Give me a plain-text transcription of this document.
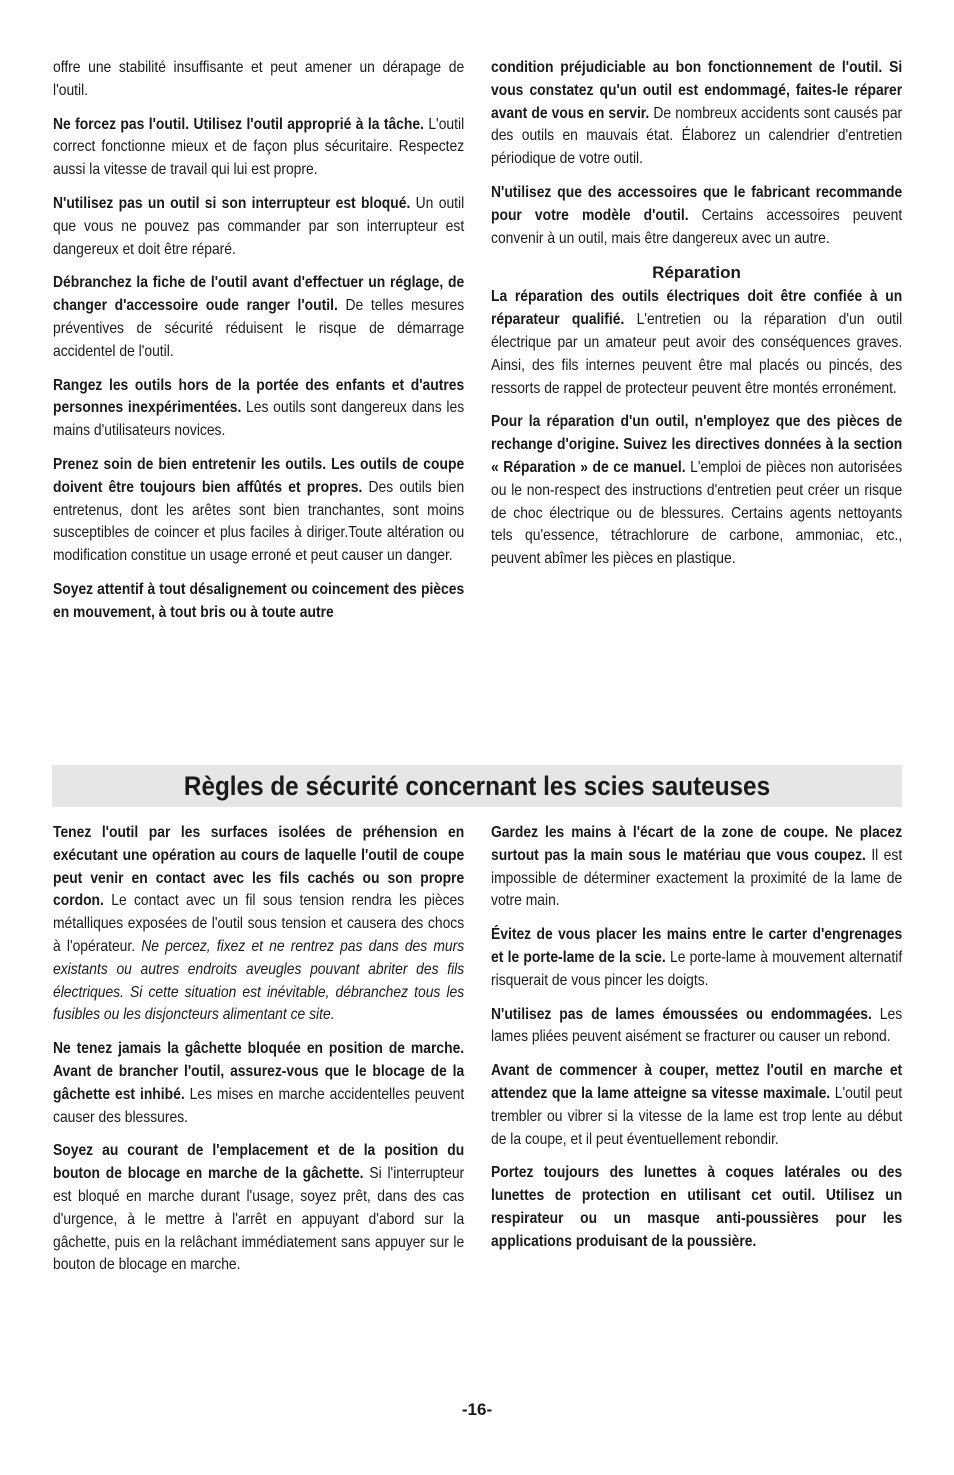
offre une stabilité insuffisante et peut amener un dérapage de l'outil.

Ne forcez pas l'outil. Utilisez l'outil approprié à la tâche. L'outil correct fonctionne mieux et de façon plus sécuritaire. Respectez aussi la vitesse de travail qui lui est propre.

N'utilisez pas un outil si son interrupteur est bloqué. Un outil que vous ne pouvez pas commander par son interrupteur est dangereux et doit être réparé.

Débranchez la fiche de l'outil avant d'effectuer un réglage, de changer d'accessoire oude ranger l'outil. De telles mesures préventives de sécurité réduisent le risque de démarrage accidentel de l'outil.

Rangez les outils hors de la portée des enfants et d'autres personnes inexpérimentées. Les outils sont dangereux dans les mains d'utilisateurs novices.

Prenez soin de bien entretenir les outils. Les outils de coupe doivent être toujours bien affûtés et propres. Des outils bien entretenus, dont les arêtes sont bien tranchantes, sont moins susceptibles de coincer et plus faciles à diriger.Toute altération ou modification constitue un usage erroné et peut causer un danger.

Soyez attentif à tout désalignement ou coincement des pièces en mouvement, à tout bris ou à toute autre

condition préjudiciable au bon fonctionnement de l'outil. Si vous constatez qu'un outil est endommagé, faites-le réparer avant de vous en servir. De nombreux accidents sont causés par des outils en mauvais état. Élaborez un calendrier d'entretien périodique de votre outil.

N'utilisez que des accessoires que le fabricant recommande pour votre modèle d'outil. Certains accessoires peuvent convenir à un outil, mais être dangereux avec un autre.

Réparation

La réparation des outils électriques doit être confiée à un réparateur qualifié. L'entretien ou la réparation d'un outil électrique par un amateur peut avoir des conséquences graves. Ainsi, des fils internes peuvent être mal placés ou pincés, des ressorts de rappel de protecteur peuvent être montés erronément.

Pour la réparation d'un outil, n'employez que des pièces de rechange d'origine. Suivez les directives données à la section « Réparation » de ce manuel. L'emploi de pièces non autorisées ou le non-respect des instructions d'entretien peut créer un risque de choc électrique ou de blessures. Certains agents nettoyants tels qu'essence, tétrachlorure de carbone, ammoniac, etc., peuvent abîmer les pièces en plastique.

Règles de sécurité concernant les scies sauteuses

Tenez l'outil par les surfaces isolées de préhension en exécutant une opération au cours de laquelle l'outil de coupe peut venir en contact avec les fils cachés ou son propre cordon. Le contact avec un fil sous tension rendra les pièces métalliques exposées de l'outil sous tension et causera des chocs à l'opérateur. Ne percez, fixez et ne rentrez pas dans des murs existants ou autres endroits aveugles pouvant abriter des fils électriques. Si cette situation est inévitable, débranchez tous les fusibles ou les disjoncteurs alimentant ce site.

Ne tenez jamais la gâchette bloquée en position de marche. Avant de brancher l'outil, assurez-vous que le blocage de la gâchette est inhibé. Les mises en marche accidentelles peuvent causer des blessures.

Soyez au courant de l'emplacement et de la position du bouton de blocage en marche de la gâchette. Si l'interrupteur est bloqué en marche durant l'usage, soyez prêt, dans des cas d'urgence, à le mettre à l'arrêt en appuyant d'abord sur la gâchette, puis en la relâchant immédiatement sans appuyer sur le bouton de blocage en marche.

Gardez les mains à l'écart de la zone de coupe. Ne placez surtout pas la main sous le matériau que vous coupez. Il est impossible de déterminer exactement la proximité de la lame de votre main.

Évitez de vous placer les mains entre le carter d'engrenages et le porte-lame de la scie. Le porte-lame à mouvement alternatif risquerait de vous pincer les doigts.

N'utilisez pas de lames émoussées ou endommagées. Les lames pliées peuvent aisément se fracturer ou causer un rebond.

Avant de commencer à couper, mettez l'outil en marche et attendez que la lame atteigne sa vitesse maximale. L'outil peut trembler ou vibrer si la vitesse de la lame est trop lente au début de la coupe, et il peut éventuellement rebondir.

Portez toujours des lunettes à coques latérales ou des lunettes de protection en utilisant cet outil. Utilisez un respirateur ou un masque anti-poussières pour les applications produisant de la poussière.

-16-
